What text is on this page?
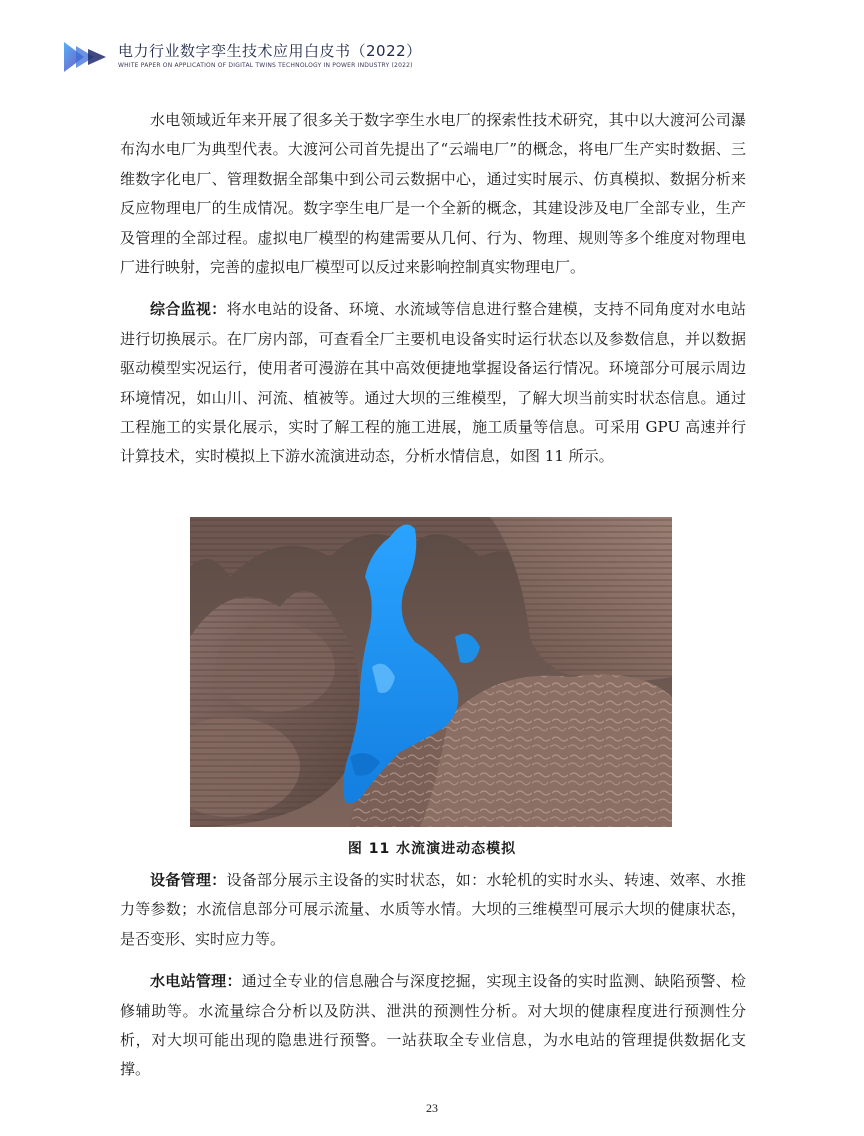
电力行业数字孪生技术应用白皮书（2022）
WHITE PAPER ON APPLICATION OF DIGITAL TWINS TECHNOLOGY IN POWER INDUSTRY (2022)

水电领域近年来开展了很多关于数字孪生水电厂的探索性技术研究，其中以大渡河公司瀑布沟水电厂为典型代表。大渡河公司首先提出了“云端电厂”的概念，将电厂生产实时数据、三维数字化电厂、管理数据全部集中到公司云数据中心，通过实时展示、仿真模拟、数据分析来反应物理电厂的生成情况。数字孪生电厂是一个全新的概念，其建设涉及电厂全部专业，生产及管理的全部过程。虚拟电厂模型的构建需要从几何、行为、物理、规则等多个维度对物理电厂进行映射，完善的虚拟电厂模型可以反过来影响控制真实物理电厂。

综合监视：将水电站的设备、环境、水流域等信息进行整合建模，支持不同角度对水电站进行切换展示。在厂房内部，可查看全厂主要机电设备实时运行状态以及参数信息，并以数据驱动模型实况运行，使用者可漫游在其中高效便捷地掌握设备运行情况。环境部分可展示周边环境情况，如山川、河流、植被等。通过大坝的三维模型，了解大坝当前实时状态信息。通过工程施工的实景化展示，实时了解工程的施工进展，施工质量等信息。可采用 GPU 高速并行计算技术，实时模拟上下游水流演进动态，分析水情信息，如图 11 所示。

图 11 水流演进动态模拟

设备管理：设备部分展示主设备的实时状态，如：水轮机的实时水头、转速、效率、水推力等参数；水流信息部分可展示流量、水质等水情。大坝的三维模型可展示大坝的健康状态，是否变形、实时应力等。

水电站管理：通过全专业的信息融合与深度挖掘，实现主设备的实时监测、缺陷预警、检修辅助等。水流量综合分析以及防洪、泄洪的预测性分析。对大坝的健康程度进行预测性分析，对大坝可能出现的隐患进行预警。一站获取全专业信息，为水电站的管理提供数据化支撑。

23
